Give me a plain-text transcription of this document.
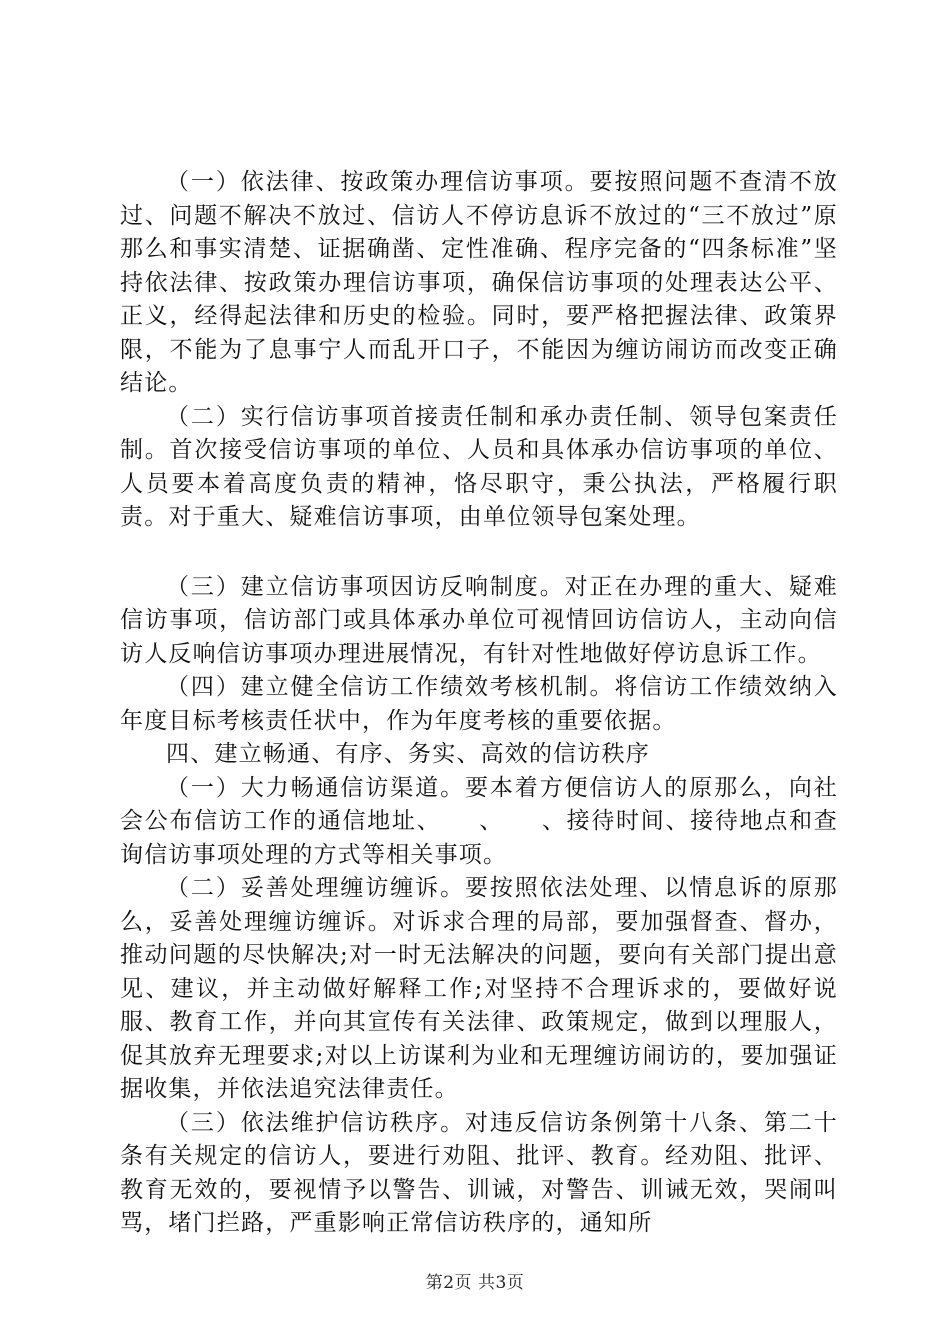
（一）依法律、按政策办理信访事项。要按照问题不查清不放过、问题不解决不放过、信访人不停访息诉不放过的“三不放过”原那么和事实清楚、证据确凿、定性准确、程序完备的“四条标准”坚持依法律、按政策办理信访事项，确保信访事项的处理表达公平、正义，经得起法律和历史的检验。同时，要严格把握法律、政策界限，不能为了息事宁人而乱开口子，不能因为缠访闹访而改变正确结论。

（二）实行信访事项首接责任制和承办责任制、领导包案责任制。首次接受信访事项的单位、人员和具体承办信访事项的单位、人员要本着高度负责的精神，恪尽职守，秉公执法，严格履行职责。对于重大、疑难信访事项，由单位领导包案处理。

（三）建立信访事项因访反响制度。对正在办理的重大、疑难信访事项，信访部门或具体承办单位可视情回访信访人，主动向信访人反响信访事项办理进展情况，有针对性地做好停访息诉工作。

（四）建立健全信访工作绩效考核机制。将信访工作绩效纳入年度目标考核责任状中，作为年度考核的重要依据。

四、建立畅通、有序、务实、高效的信访秩序

（一）大力畅通信访渠道。要本着方便信访人的原那么，向社会公布信访工作的通信地址、　　、　　、接待时间、接待地点和查询信访事项处理的方式等相关事项。

（二）妥善处理缠访缠诉。要按照依法处理、以情息诉的原那么，妥善处理缠访缠诉。对诉求合理的局部，要加强督查、督办，推动问题的尽快解决;对一时无法解决的问题，要向有关部门提出意见、建议，并主动做好解释工作;对坚持不合理诉求的，要做好说服、教育工作，并向其宣传有关法律、政策规定，做到以理服人，促其放弃无理要求;对以上访谋利为业和无理缠访闹访的，要加强证据收集，并依法追究法律责任。

（三）依法维护信访秩序。对违反信访条例第十八条、第二十条有关规定的信访人，要进行劝阻、批评、教育。经劝阻、批评、教育无效的，要视情予以警告、训诫，对警告、训诫无效，哭闹叫骂，堵门拦路，严重影响正常信访秩序的，通知所

第2页 共3页
